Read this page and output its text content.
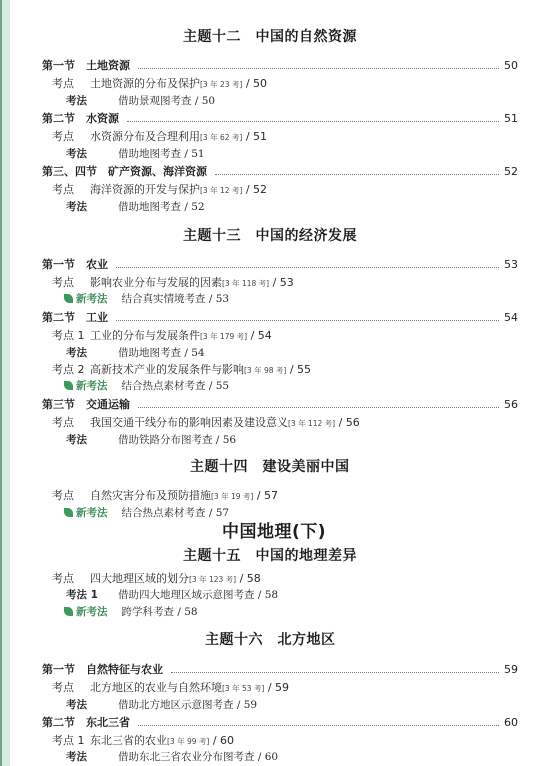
主题十二　中国的自然资源
第一节　土地资源	50
考点 土地资源的分布及保护[3 年 23 考] / 50
考法	借助景观图考查 / 50
第二节　水资源	51
考点 水资源分布及合理利用[3 年 62 考] / 51
考法	借助地图考查 / 51
第三、四节　矿产资源、海洋资源	52
考点 海洋资源的开发与保护[3 年 12 考] / 52
考法	借助地图考查 / 52
主题十三　中国的经济发展
第一节　农业	53
考点 影响农业分布与发展的因素[3 年 118 考] / 53
新考法 结合真实情境考查 / 53
第二节　工业	54
考点 1 工业的分布与发展条件[3 年 179 考] / 54
考法	借助地图考查 / 54
考点 2 高新技术产业的发展条件与影响[3 年 98 考] / 55
新考法 结合热点素材考查 / 55
第三节　交通运输	56
考点 我国交通干线分布的影响因素及建设意义[3 年 112 考] / 56
考法	借助铁路分布图考查 / 56
主题十四　建设美丽中国
考点 自然灾害分布及预防措施[3 年 19 考] / 57
新考法 结合热点素材考查 / 57
中国地理(下)
主题十五　中国的地理差异
考点 四大地理区域的划分[3 年 123 考] / 58
考法 1 借助四大地理区域示意图考查 / 58
新考法 跨学科考查 / 58
主题十六　北方地区
第一节　自然特征与农业	59
考点 北方地区的农业与自然环境[3 年 53 考] / 59
考法	借助北方地区示意图考查 / 59
第二节　东北三省	60
考点 1 东北三省的农业[3 年 99 考] / 60
考法	借助东北三省农业分布图考查 / 60
